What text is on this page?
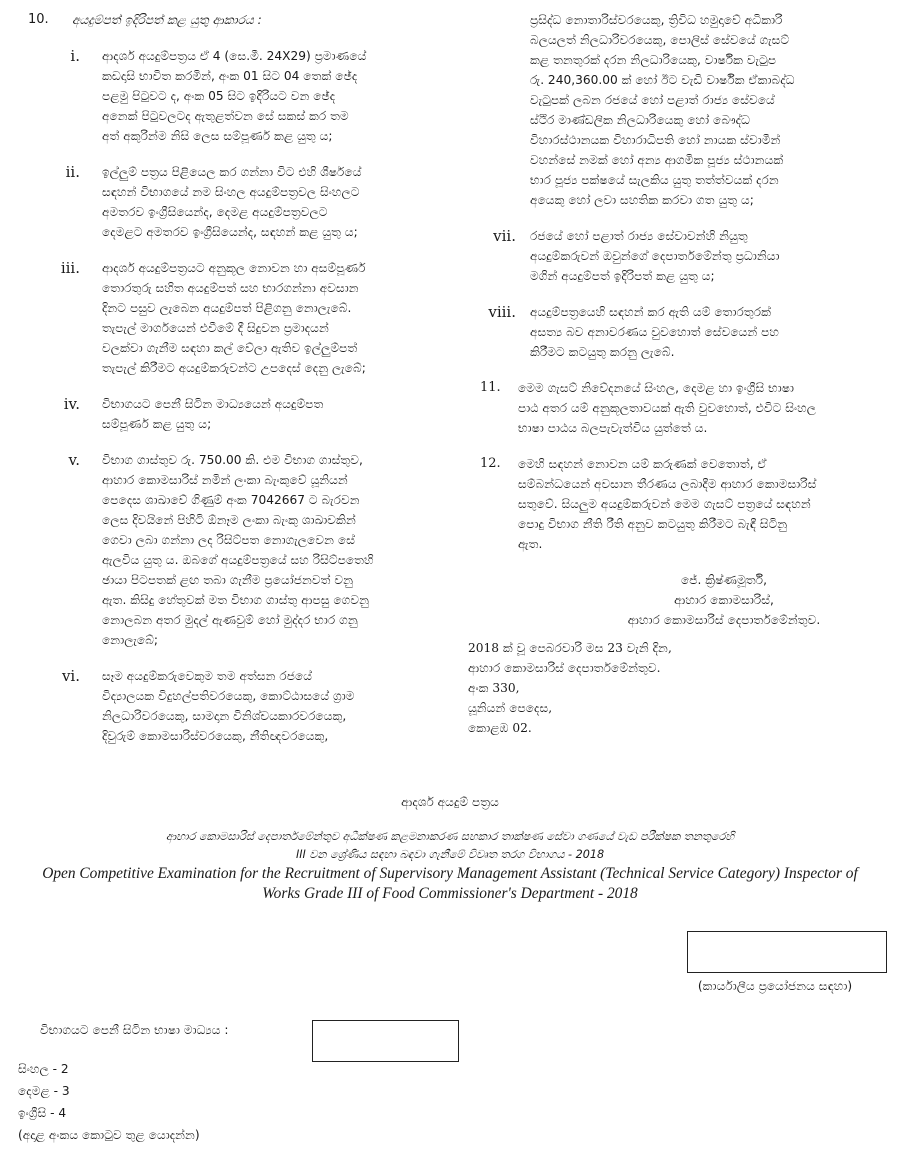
10.	අයදුම්පත් ඉදිරිපත් කළ යුතු ආකාරය :
i.	ආදර්ශ අයදුම්පත්‍රය ඒ 4 (සෙ.මී. 24X29) ප්‍රමාණයේ
කඩදාසි භාවිත කරමින්, අංක 01 සිට 04 තෙක් ඡේද
පළමු පිටුවට ද, අංක 05 සිට ඉදිරියට වන ඡේද
අනෙක් පිටුවලටද ඇතුළත්වන සේ සකස් කර තම
අත් අකුරින්ම නිසි ලෙස සම්පූර්ණ කළ යුතු ය;
ii.	ඉල්ලුම් පත්‍රය පිළියෙල කර ගන්නා විට එහි ශීර්ෂයේ
සඳහන් විභාගයේ නම සිංහල අයදුම්පත්‍රවල සිංහලට
අමතරව ඉංග්‍රීසියෙන්ද, දෙමළ අයදුම්පත්‍රවලට
දෙමළට අමතරව ඉංග්‍රීසියෙන්ද, සඳහන් කළ යුතු ය;
iii.	ආදර්ශ අයදුම්පත්‍රයට අනුකූල නොවන හා අසම්පූර්ණ
තොරතුරු සහිත අයදුම්පත් සහ භාරගන්නා අවසාන
දිනට පසුව ලැබෙන අයදුම්පත් පිළිගනු නොලැබේ.
තැපැල් මාර්ගයෙන් එවීමේ දී සිදුවන ප්‍රමාදයන්
වලක්වා ගැනීම සඳහා කල් වේලා ඇතිව ඉල්ලුම්පත්
තැපැල් කිරීමට අයදුම්කරුවන්ට උපදෙස් දෙනු ලැබේ;
iv.	විභාගයට පෙනී සිටින මාධ්‍යයෙන් අයදුම්පත
සම්පූර්ණ කළ යුතු ය;
v.	විභාග ගාස්තුව රු. 750.00 කි. එම විභාග ගාස්තුව,
ආහාර කොමසාරිස් නමින් ලංකා බැංකුවේ යූනියන්
පෙදෙස ශාඛාවේ ගිණුම් අංක 7042667 ට බැරවන
ලෙස දිවයිනේ පිහිටි ඕනෑම ලංකා බැංකු ශාඛාවකින්
ගෙවා ලබා ගන්නා ලද රිසිට්පත නොගැලවෙන සේ
ඇලවිය යුතු ය. ඔබගේ අයදුම්පත්‍රයේ සහ රිසිට්පතෙහි
ඡායා පිටපතක් ළඟ තබා ගැනීම ප්‍රයෝජනවත් වනු
ඇත. කිසිදු හේතුවක් මත විභාග ගාස්තු ආපසු ගෙවනු
නොලබන අතර මුදල් ඇණවුම් හෝ මුද්දර භාර ගනු
නොලැබේ;
vi.	සෑම අයදුම්කරුවෙකුම තම අත්සන රජයේ
විද්‍යාලයක විදුහල්පතිවරයෙකු, කොට්ඨාසයේ ග්‍රාම
නිලධාරිවරයෙකු, සාමදාන විනිශ්චයකාරවරයෙකු,
දිවුරුම් කොමසාරිස්වරයෙකු, නීතිඥවරයෙකු,
ප්‍රසිද්ධ නොතාරිස්වරයෙකු, ත්‍රිවිධ හමුදාවේ අධිකාරි
බලයලත් නිලධාරිවරයෙකු, පොලිස් සේවයේ ගැසට්
කළ තනතුරක් දරන නිලධාරියෙකු, වාර්ෂික වැටුප
රු. 240,360.00 ක් හෝ ඊට වැඩි වාර්ෂික ඒකාබද්ධ
වැටුපක් ලබන රජයේ හෝ පළාත් රාජ්‍ය සේවයේ
ස්ථිර මාණ්ඩලික නිලධාරියෙකු හෝ බෞද්ධ
විහාරස්ථානයක විහාරාධිපති හෝ නායක ස්වාමීන්
වහන්සේ නමක් හෝ අන්‍ය ආගමික පූජ්‍ය ස්ථානයක්
භාර පූජ්‍ය පක්ෂයේ සැලකිය යුතු තත්ත්වයක් දරන
අයෙකු හෝ ලවා සහතික කරවා ගත යුතු ය;
vii.	රජයේ හෝ පළාත් රාජ්‍ය සේවාවන්හි නියුතු
අයදුම්කරුවන් ඔවුන්ගේ දෙපාර්තමේන්තු ප්‍රධානියා
මගින් අයදුම්පත් ඉදිරිපත් කළ යුතු ය;
viii.	අයදුම්පත්‍රයෙහි සඳහන් කර ඇති යම් තොරතුරක්
අසත්‍ය බව අනාවරණය වුවහොත් සේවයෙන් පහ
කිරීමට කටයුතු කරනු ලැබේ.
11.	මෙම ගැසට් නිවේදනයේ සිංහල, දෙමළ හා ඉංග්‍රීසි භාෂා
පාඨ අතර යම් අනුකූලතාවයක් ඇති වුවහොත්, එවිට සිංහල
භාෂා පාඨය බලපැවැත්විය යුත්තේ ය.
12.	මෙහි සඳහන් නොවන යම් කරුණක් වෙතොත්, ඒ
සම්බන්ධයෙන් අවසාන තීරණය ලබාදීම ආහාර කොමසාරිස්
සතුවේ. සියලුම අයදුම්කරුවන් මෙම ගැසට් පත්‍රයේ සඳහන්
පොදු විභාග නීති රීති අනුව කටයුතු කිරීමට බැඳී සිටිනු
ඇත.
ජේ. ක්‍රිෂ්ණමූර්ති,
ආහාර කොමසාරිස්,
ආහාර කොමසාරිස් දෙපාර්තමේන්තුව.
2018 ක් වූ පෙබරවාරි මස 23 වැනි දින,
ආහාර කොමසාරිස් දෙපාර්තමේන්තුව.
අංක 330,
යූනියන් පෙදෙස,
කොළඹ 02.
ආදර්ශ අයදුම් පත්‍රය
ආහාර කොමසාරිස් දෙපාර්තමේන්තුව අධීක්ෂණ කළමනාකරණ සහකාර තාක්ෂණ සේවා ගණයේ වැඩ පරීක්ෂක තනතුරෙහි
III වන ශ්‍රේණිය සඳහා බඳවා ගැනීමේ විවෘත තරග විභාගය - 2018
Open Competitive Examination for the Recruitment of Supervisory Management Assistant (Technical Service Category) Inspector of
Works Grade III of Food Commissioner's Department - 2018
(කාර්යාලීය ප්‍රයෝජනය සඳහා)
විභාගයට පෙනී සිටින භාෂා මාධ්‍යය :
සිංහල - 2
දෙමළ - 3
ඉංග්‍රීසි - 4
(අදාළ අංකය කොටුව තුළ යොදන්න)
